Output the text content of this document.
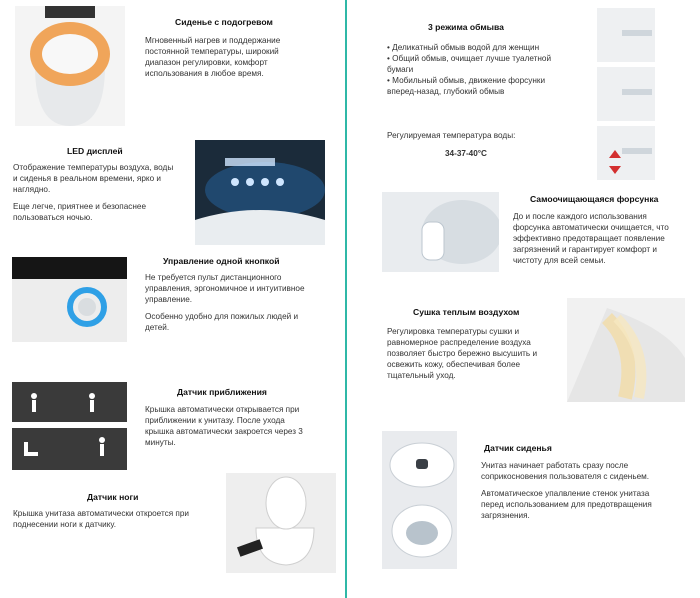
Сиденье с подогревом
Мгновенный нагрев и поддержание постоянной температуры, широкий диапазон регулировки, комфорт использования в любое время.
LED дисплей

Отображение температуры воздуха, воды и сиденья в реальном времени, ярко и наглядно.

Еще легче, приятнее и безопаснее пользоваться ночью.

Управление одной кнопкой

Не требуется пульт дистанционного управления, эргономичное и интуитивное управление.

Особенно удобно для пожилых людей и детей.

Датчик приближения
Крышка автоматически открывается при приближении к унитазу. После ухода крышка автоматически закроется через 3 минуты.
Датчик ноги
Крышка унитаза автоматически откроется при поднесении ноги к датчику.
3 режима обмыва
• Деликатный обмыв водой для женщин
• Общий обмыв, очищает лучше туалетной бумаги
• Мобильный обмыв, движение форсунки вперед-назад, глубокий обмыв
Регулируемая температура воды:
34-37-40°C
Самоочищающаяся форсунка
До и после каждого использования форсунка автоматически очищается, что эффективно предотвращает появление загрязнений и гарантирует комфорт и чистоту для всей семьи.
Сушка теплым воздухом
Регулировка температуры сушки и равномерное распределение воздуха позволяет быстро бережно высушить и освежить кожу, обеспечивая более тщательный уход.
Датчик сиденья

Унитаз начинает работать сразу после соприкосновения пользователя с сиденьем.

Автоматическое упалвление стенок унитаза перед использованием для предотвращения загрязнения.
